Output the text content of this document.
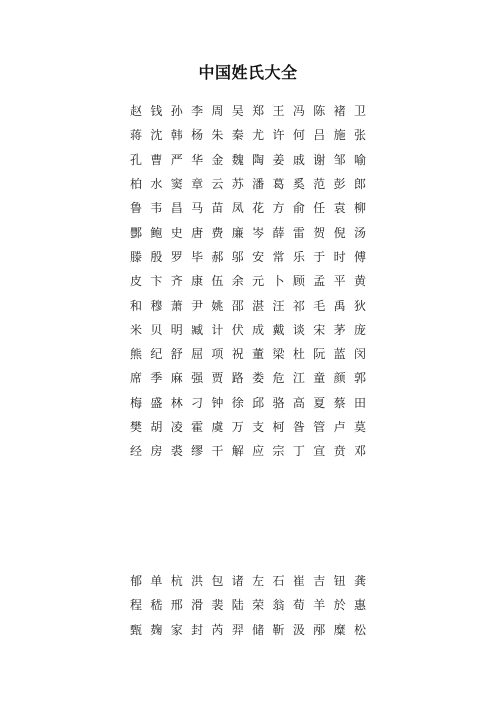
中国姓氏大全
赵 钱 孙 李 周 吴 郑 王 冯 陈 褚 卫
蒋 沈 韩 杨 朱 秦 尤 许 何 吕 施 张
孔 曹 严 华 金 魏 陶 姜 戚 谢 邹 喻
柏 水 窦 章 云 苏 潘 葛 奚 范 彭 郎
鲁 韦 昌 马 苗 凤 花 方 俞 任 袁 柳
酆 鲍 史 唐 费 廉 岑 薛 雷 贺 倪 汤
滕 殷 罗 毕 郝 邬 安 常 乐 于 时 傅
皮 卞 齐 康 伍 余 元 卜 顾 孟 平 黄
和 穆 萧 尹 姚 邵 湛 汪 祁 毛 禹 狄
米 贝 明 臧 计 伏 成 戴 谈 宋 茅 庞
熊 纪 舒 屈 项 祝 董 梁 杜 阮 蓝 闵
席 季 麻 强 贾 路 娄 危 江 童 颜 郭
梅 盛 林 刁 钟 徐 邱 骆 高 夏 蔡 田
樊 胡 凌 霍 虞 万 支 柯 昝 管 卢 莫
经 房 裘 缪 干 解 应 宗 丁 宣 贲 邓
郁 单 杭 洪 包 诸 左 石 崔 吉 钮 龚
程 嵇 邢 滑 裴 陆 荣 翁 荀 羊 於 惠
甄 麹 家 封 芮 羿 储 靳 汲 邴 糜 松
